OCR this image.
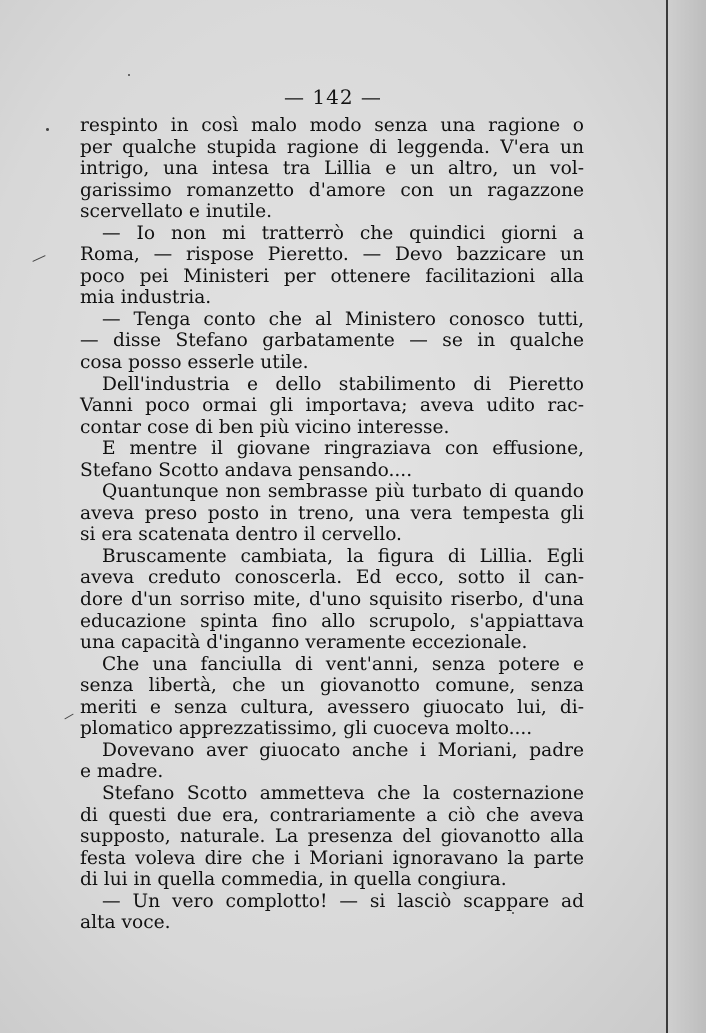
— 142 —
respinto in così malo modo senza una ragione o
per qualche stupida ragione di leggenda. V'era un
intrigo, una intesa tra Lillia e un altro, un vol-
garissimo romanzetto d'amore con un ragazzone
scervellato e inutile.
— Io non mi tratterrò che quindici giorni a
Roma, — rispose Pieretto. — Devo bazzicare un
poco pei Ministeri per ottenere facilitazioni alla
mia industria.
— Tenga conto che al Ministero conosco tutti,
— disse Stefano garbatamente — se in qualche
cosa posso esserle utile.
Dell'industria e dello stabilimento di Pieretto
Vanni poco ormai gli importava; aveva udito rac-
contar cose di ben più vicino interesse.
E mentre il giovane ringraziava con effusione,
Stefano Scotto andava pensando....
Quantunque non sembrasse più turbato di quando
aveva preso posto in treno, una vera tempesta gli
si era scatenata dentro il cervello.
Bruscamente cambiata, la figura di Lillia. Egli
aveva creduto conoscerla. Ed ecco, sotto il can-
dore d'un sorriso mite, d'uno squisito riserbo, d'una
educazione spinta fino allo scrupolo, s'appiattava
una capacità d'inganno veramente eccezionale.
Che una fanciulla di vent'anni, senza potere e
senza libertà, che un giovanotto comune, senza
meriti e senza cultura, avessero giuocato lui, di-
plomatico apprezzatissimo, gli cuoceva molto....
Dovevano aver giuocato anche i Moriani, padre
e madre.
Stefano Scotto ammetteva che la costernazione
di questi due era, contrariamente a ciò che aveva
supposto, naturale. La presenza del giovanotto alla
festa voleva dire che i Moriani ignoravano la parte
di lui in quella commedia, in quella congiura.
— Un vero complotto! — si lasciò scappare ad
alta voce.
